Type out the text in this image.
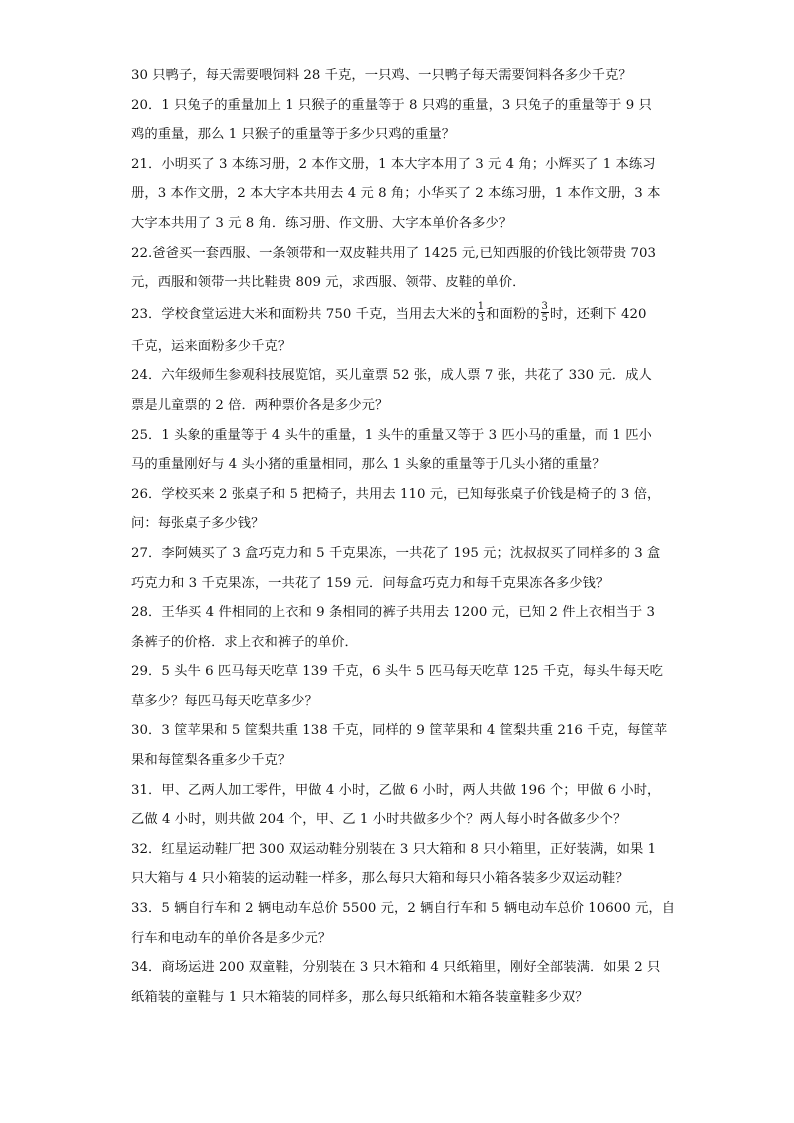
30 只鸭子，每天需要喂饲料 28 千克，一只鸡、一只鸭子每天需要饲料各多少千克？
20．1 只兔子的重量加上 1 只猴子的重量等于 8 只鸡的重量，3 只兔子的重量等于 9 只
鸡的重量，那么 1 只猴子的重量等于多少只鸡的重量？
21．小明买了 3 本练习册，2 本作文册，1 本大字本用了 3 元 4 角；小辉买了 1 本练习
册，3 本作文册，2 本大字本共用去 4 元 8 角；小华买了 2 本练习册，1 本作文册，3 本
大字本共用了 3 元 8 角．练习册、作文册、大字本单价各多少？
22.爸爸买一套西服、一条领带和一双皮鞋共用了 1425 元,已知西服的价钱比领带贵 703
元，西服和领带一共比鞋贵 809 元，求西服、领带、皮鞋的单价．
23．学校食堂运进大米和面粉共 750 千克，当用去大米的 $\frac{1}{3}$ 和面粉的 $\frac{3}{5}$ 时，还剩下 420
千克，运来面粉多少千克？
24．六年级师生参观科技展览馆，买儿童票 52 张，成人票 7 张，共花了 330 元．成人
票是儿童票的 2 倍．两种票价各是多少元？
25．1 头象的重量等于 4 头牛的重量，1 头牛的重量又等于 3 匹小马的重量，而 1 匹小
马的重量刚好与 4 头小猪的重量相同，那么 1 头象的重量等于几头小猪的重量？
26．学校买来 2 张桌子和 5 把椅子，共用去 110 元，已知每张桌子价钱是椅子的 3 倍，
问：每张桌子多少钱？
27．李阿姨买了 3 盒巧克力和 5 千克果冻，一共花了 195 元；沈叔叔买了同样多的 3 盒
巧克力和 3 千克果冻，一共花了 159 元．问每盒巧克力和每千克果冻各多少钱？
28．王华买 4 件相同的上衣和 9 条相同的裤子共用去 1200 元，已知 2 件上衣相当于 3
条裤子的价格．求上衣和裤子的单价．
29．5 头牛 6 匹马每天吃草 139 千克，6 头牛 5 匹马每天吃草 125 千克，每头牛每天吃
草多少？每匹马每天吃草多少？
30．3 筐苹果和 5 筐梨共重 138 千克，同样的 9 筐苹果和 4 筐梨共重 216 千克，每筐苹
果和每筐梨各重多少千克？
31．甲、乙两人加工零件，甲做 4 小时，乙做 6 小时，两人共做 196 个；甲做 6 小时，
乙做 4 小时，则共做 204 个，甲、乙 1 小时共做多少个？两人每小时各做多少个？
32．红星运动鞋厂把 300 双运动鞋分别装在 3 只大箱和 8 只小箱里，正好装满，如果 1
只大箱与 4 只小箱装的运动鞋一样多，那么每只大箱和每只小箱各装多少双运动鞋？
33．5 辆自行车和 2 辆电动车总价 5500 元，2 辆自行车和 5 辆电动车总价 10600 元，自
行车和电动车的单价各是多少元？
34．商场运进 200 双童鞋，分别装在 3 只木箱和 4 只纸箱里，刚好全部装满．如果 2 只
纸箱装的童鞋与 1 只木箱装的同样多，那么每只纸箱和木箱各装童鞋多少双？
